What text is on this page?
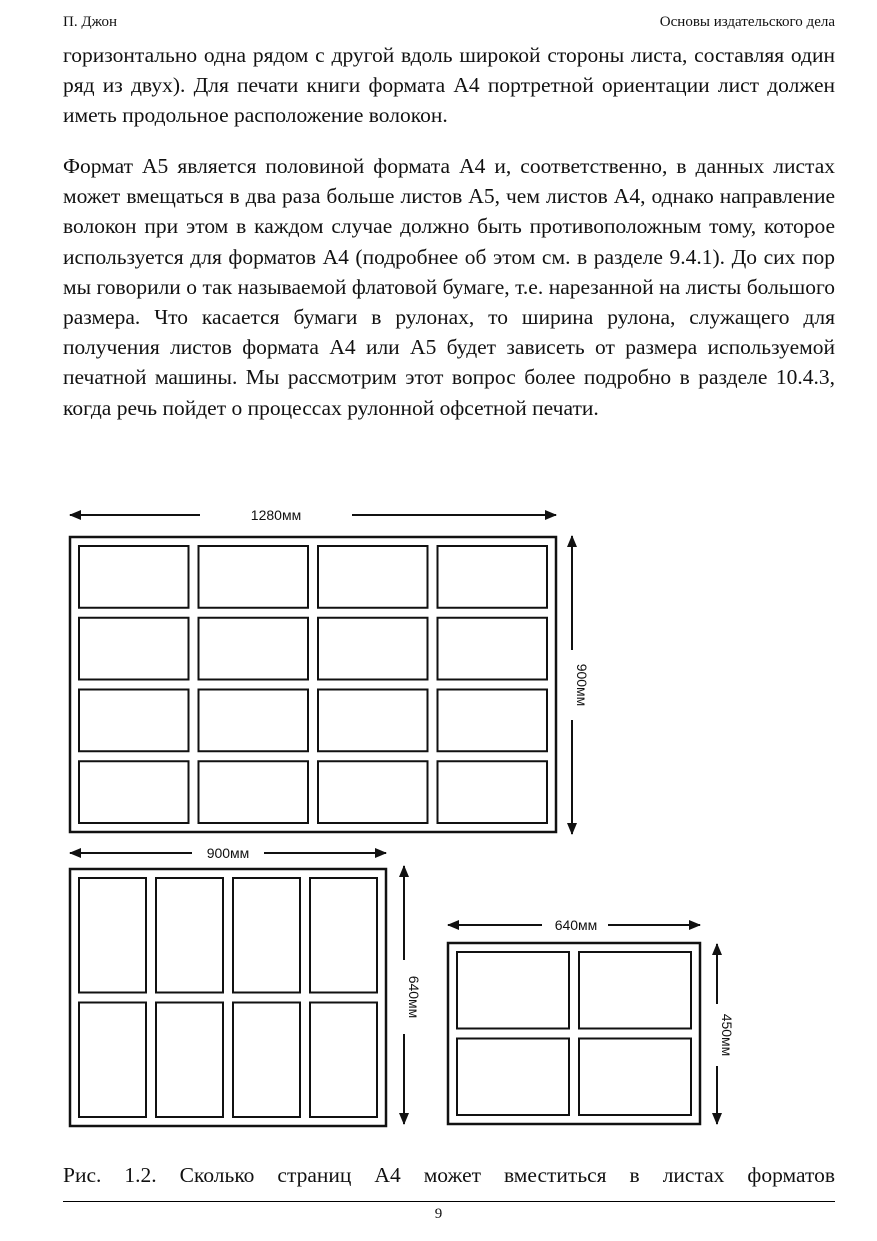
П. Джон	Основы издательского дела

горизонтально одна рядом с другой вдоль широкой стороны листа, составляя один ряд из двух). Для печати книги формата А4 портретной ориентации лист должен иметь продольное расположение волокон.

Формат А5 является половиной формата А4 и, соответственно, в данных листах может вмещаться в два раза больше листов А5, чем листов А4, однако направление волокон при этом в каждом случае должно быть противоположным тому, которое используется для форматов А4 (подробнее об этом см. в разделе 9.4.1). До сих пор мы говорили о так называемой флатовой бумаге, т.е. нарезанной на листы большого размера. Что касается бумаги в рулонах, то ширина рулона, служащего для получения листов формата А4 или А5 будет зависеть от размера используемой печатной машины. Мы рассмотрим этот вопрос более подробно в разделе 10.4.3, когда речь пойдет о процессах рулонной офсетной печати.

1280мм
900мм
900мм
640мм
640мм
450мм
Рис. 1.2. Сколько страниц А4 может вместиться в листах форматов
9
